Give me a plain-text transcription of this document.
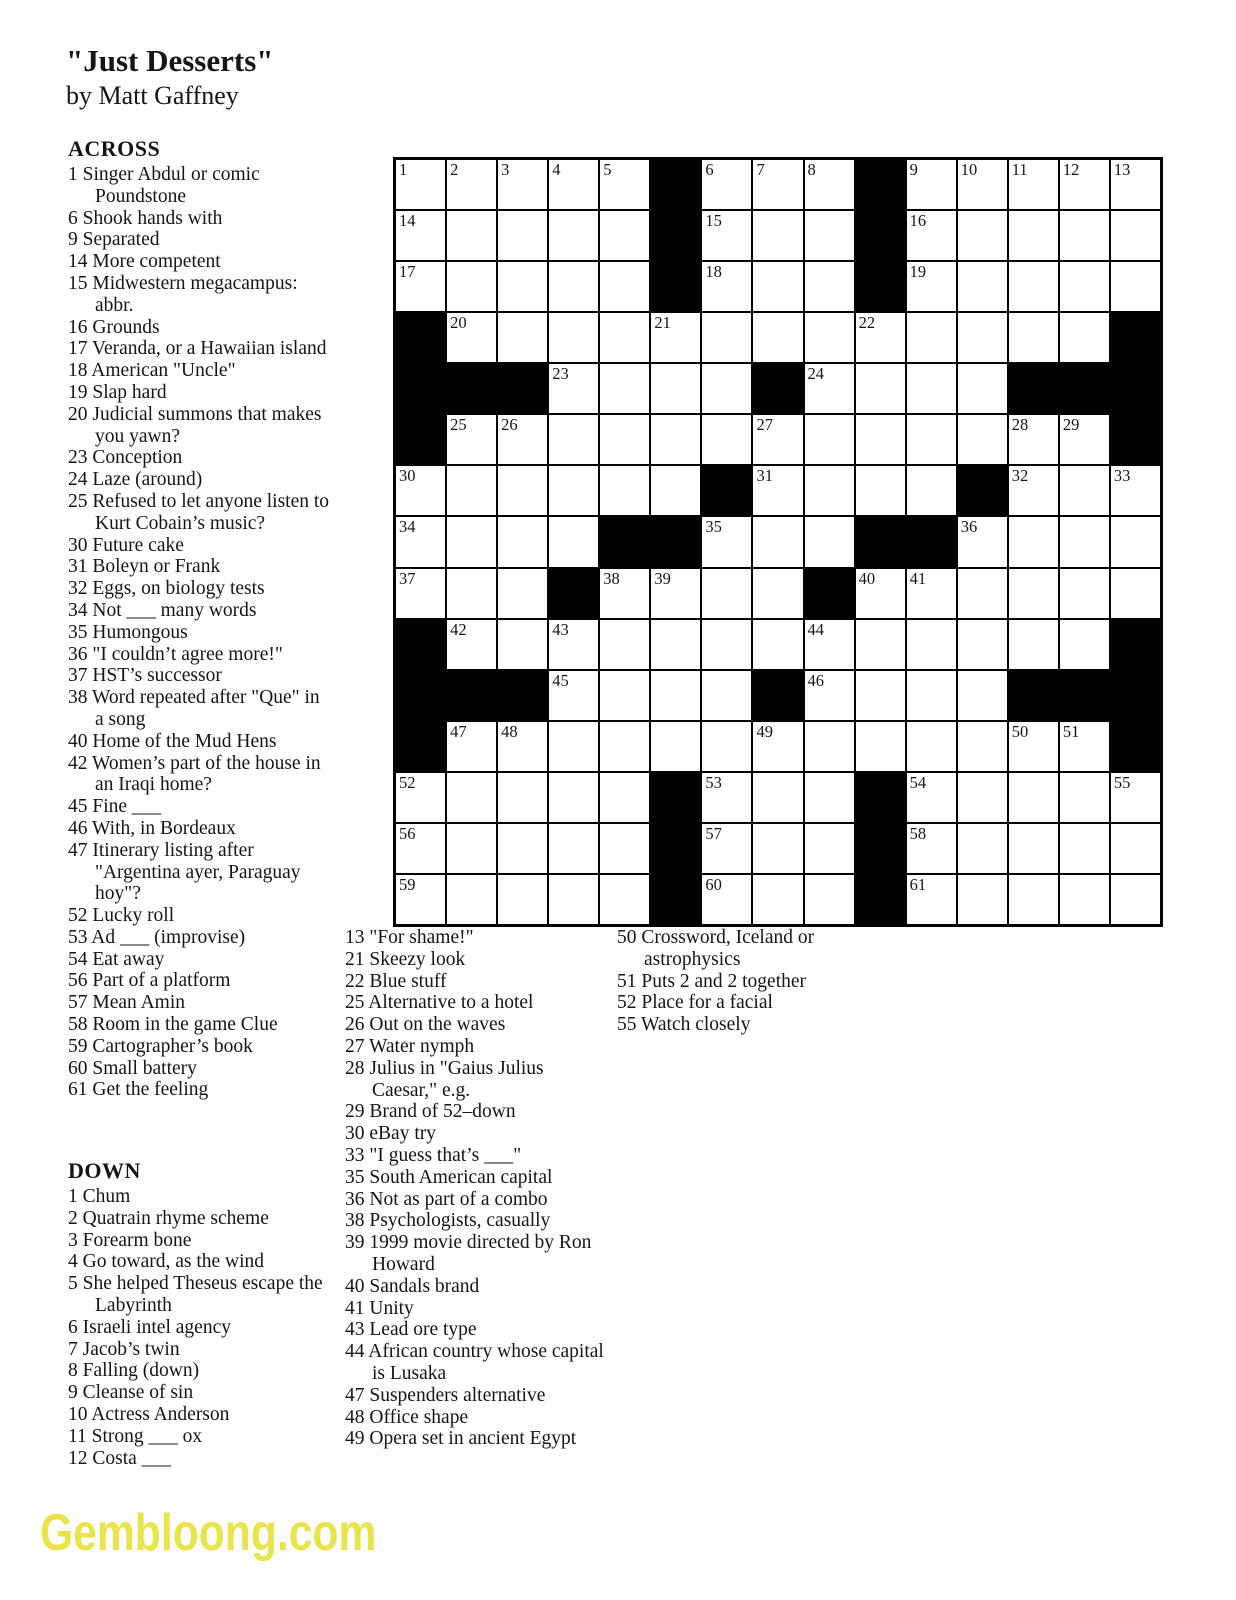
"Just Desserts"
by Matt Gaffney
ACROSS
1 Singer Abdul or comic Poundstone
6 Shook hands with
9 Separated
14 More competent
15 Midwestern megacampus: abbr.
16 Grounds
17 Veranda, or a Hawaiian island
18 American "Uncle"
19 Slap hard
20 Judicial summons that makes you yawn?
23 Conception
24 Laze (around)
25 Refused to let anyone listen to Kurt Cobain’s music?
30 Future cake
31 Boleyn or Frank
32 Eggs, on biology tests
34 Not ___ many words
35 Humongous
36 "I couldn’t agree more!"
37 HST’s successor
38 Word repeated after "Que" in a song
40 Home of the Mud Hens
42 Women’s part of the house in an Iraqi home?
45 Fine ___
46 With, in Bordeaux
47 Itinerary listing after "Argentina ayer, Paraguay hoy"?
52 Lucky roll
53 Ad ___ (improvise)
54 Eat away
56 Part of a platform
57 Mean Amin
58 Room in the game Clue
59 Cartographer’s book
60 Small battery
61 Get the feeling
1	2	3	4	5	6	7	8	9	10 11 12 13
14	15	16
17	18	19
20	21	22
23	24
25 26	27	28 29
30	31	32	33
34	35	36
37	38 39	40 41
42	43	44
45	46
47 48	49	50 51
52	53	54	55
56	57	58
59	60	61
DOWN
1 Chum
2 Quatrain rhyme scheme
3 Forearm bone
4 Go toward, as the wind
5 She helped Theseus escape the Labyrinth
6 Israeli intel agency
7 Jacob’s twin
8 Falling (down)
9 Cleanse of sin
10 Actress Anderson
11 Strong ___ ox
12 Costa ___
13 "For shame!"
21 Skeezy look
22 Blue stuff
25 Alternative to a hotel
26 Out on the waves
27 Water nymph
28 Julius in "Gaius Julius Caesar," e.g.
29 Brand of 52–down
30 eBay try
33 "I guess that’s ___"
35 South American capital
36 Not as part of a combo
38 Psychologists, casually
39 1999 movie directed by Ron Howard
40 Sandals brand
41 Unity
43 Lead ore type
44 African country whose capital is Lusaka
47 Suspenders alternative
48 Office shape
49 Opera set in ancient Egypt
50 Crossword, Iceland or astrophysics
51 Puts 2 and 2 together
52 Place for a facial
55 Watch closely
Gembloong.com
